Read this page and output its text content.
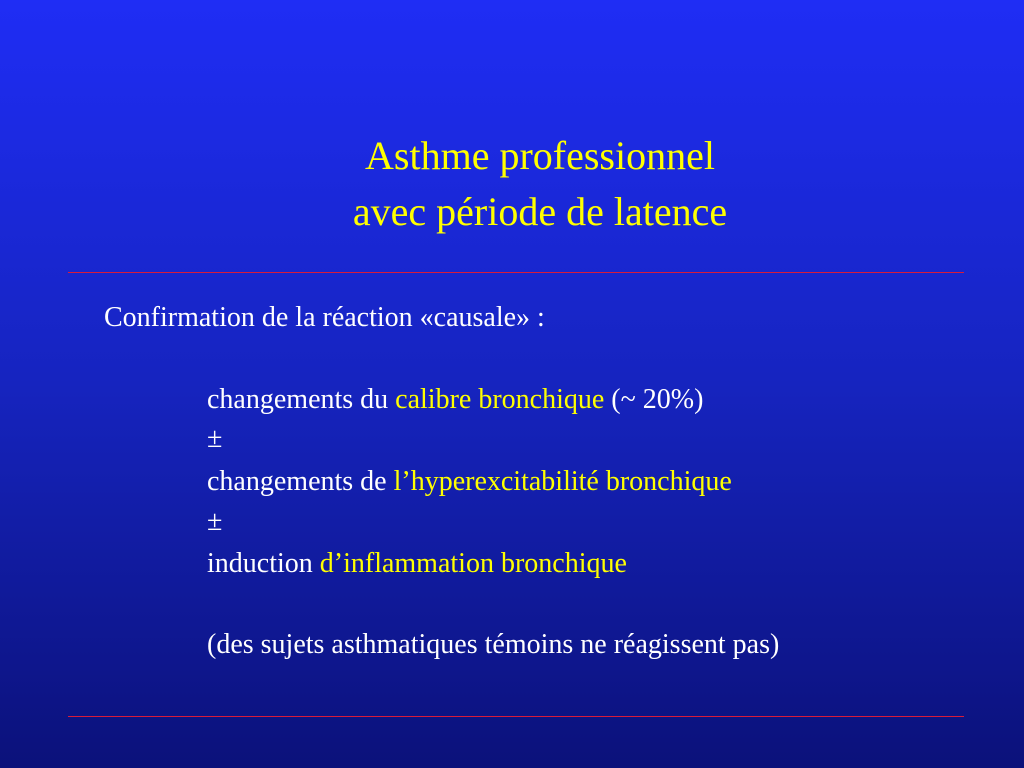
Asthme professionnel
avec période de latence
Confirmation de la réaction «causale» :
changements du calibre bronchique (~ 20%)
±
changements de l’hyperexcitabilité bronchique
±
induction d’inflammation bronchique
(des sujets asthmatiques témoins ne réagissent pas)
